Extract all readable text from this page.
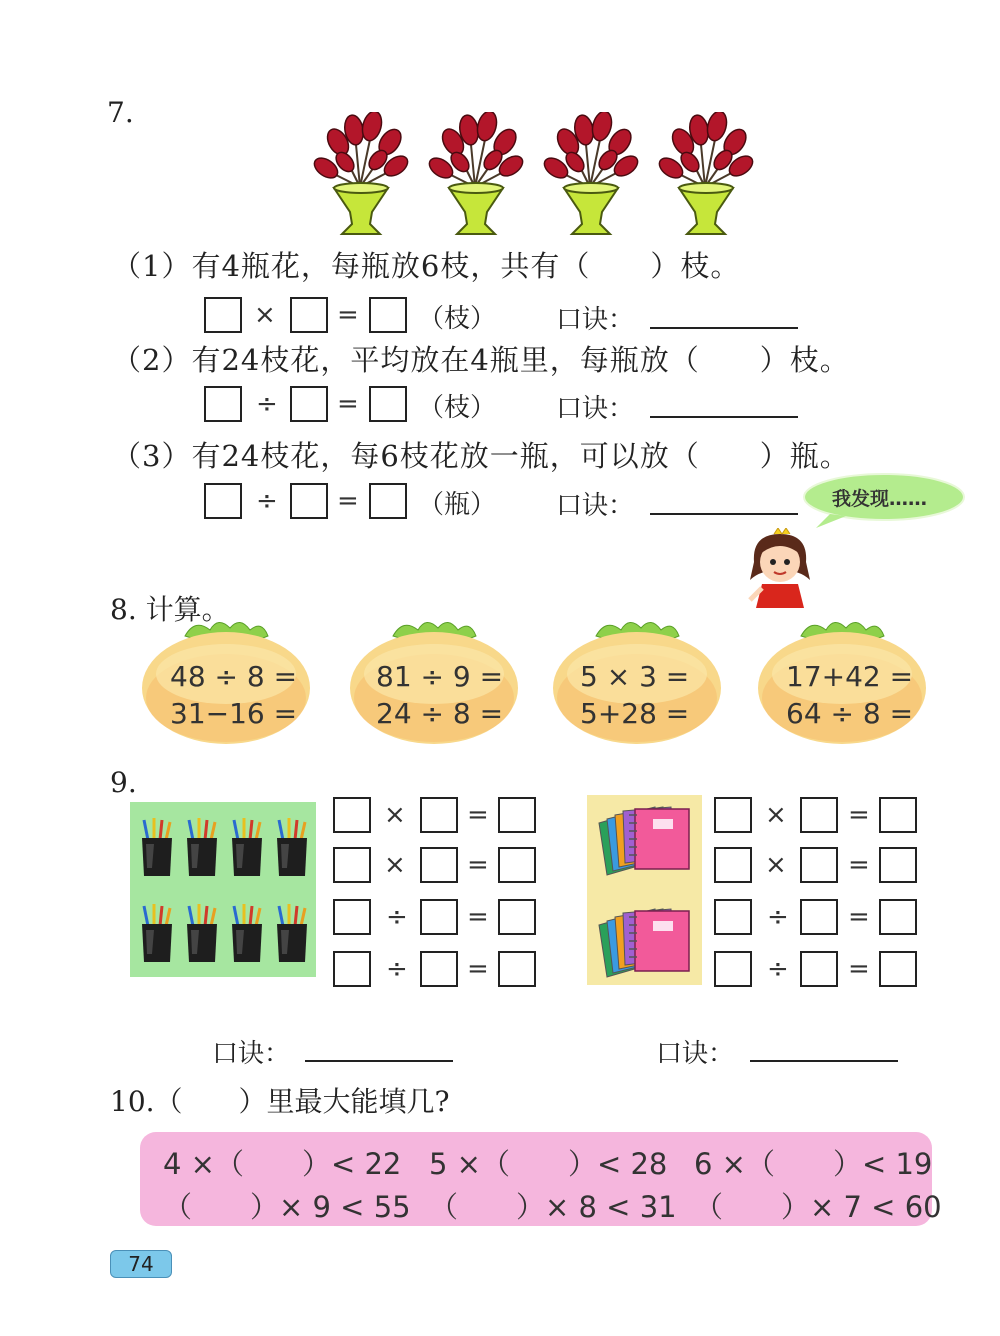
7.
（1）有4瓶花，每瓶放6枝，共有（　　）枝。
× = （枝） 口诀：
（2）有24枝花，平均放在4瓶里，每瓶放（　　）枝。
÷ = （枝） 口诀：
（3）有24枝花，每6枝花放一瓶，可以放（　　）瓶。
÷ = （瓶） 口诀：	我发现……
8. 计算。
48 ÷ 8 =
31−16 =
81 ÷ 9 =
24 ÷ 8 =
5 × 3 =
5+28 =
17+42 =
64 ÷ 8 =
9.
× =
× =
÷ =
÷ =
× =
× =
÷ =
÷ =
口诀：	口诀：
10.（　　）里最大能填几?
4 ×（　　）< 22 5 ×（　　）< 28 6 ×（　　）< 19
（　　）× 9 < 55 （　　）× 8 < 31 （　　）× 7 < 60
74
